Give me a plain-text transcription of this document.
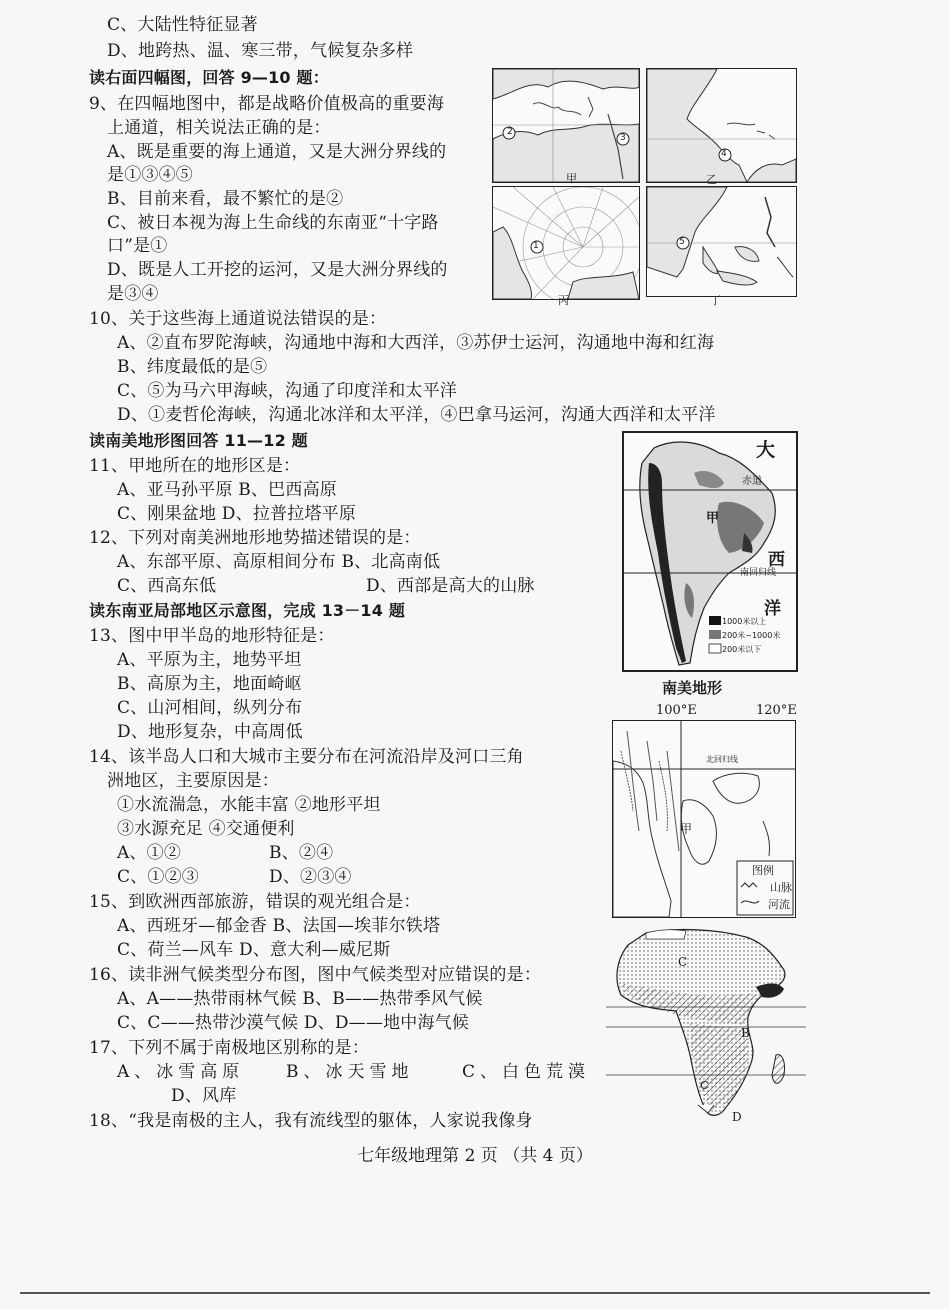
C、大陆性特征显著
D、地跨热、温、寒三带，气候复杂多样
读右面四幅图，回答 9—10 题：
9、在四幅地图中，都是战略价值极高的重要海
上通道，相关说法正确的是：
A、既是重要的海上通道，又是大洲分界线的
是①③④⑤
B、目前来看，最不繁忙的是②
C、被日本视为海上生命线的东南亚“十字路
口”是①
D、既是人工开挖的运河，又是大洲分界线的
是③④
10、关于这些海上通道说法错误的是：
A、②直布罗陀海峡，沟通地中海和大西洋，③苏伊士运河，沟通地中海和红海
B、纬度最低的是⑤
C、⑤为马六甲海峡，沟通了印度洋和太平洋
D、①麦哲伦海峡，沟通北冰洋和太平洋，④巴拿马运河，沟通大西洋和太平洋
读南美地形图回答 11—12 题
11、甲地所在的地形区是：
A、亚马孙平原 B、巴西高原
C、刚果盆地 D、拉普拉塔平原
12、下列对南美洲地形地势描述错误的是：
A、东部平原、高原相间分布 B、北高南低
C、西高东低	D、西部是高大的山脉
读东南亚局部地区示意图，完成 13－14 题
13、图中甲半岛的地形特征是：
A、平原为主，地势平坦
B、高原为主，地面崎岖
C、山河相间，纵列分布
D、地形复杂，中高周低
14、该半岛人口和大城市主要分布在河流沿岸及河口三角
洲地区，主要原因是：
①水流湍急，水能丰富 ②地形平坦
③水源充足 ④交通便利
A、①②	B、②④
C、①②③	D、②③④
15、到欧洲西部旅游，错误的观光组合是：
A、西班牙—郁金香 B、法国—埃菲尔铁塔
C、荷兰—风车 D、意大利—威尼斯
16、读非洲气候类型分布图，图中气候类型对应错误的是：
A、A——热带雨林气候 B、B——热带季风气候
C、C——热带沙漠气候 D、D——地中海气候
17、下列不属于南极地区别称的是：
A、冰雪高原 B、冰天雪地	C、白色荒漠
D、风库
18、“我是南极的主人，我有流线型的躯体，人家说我像身
2
3
甲
4
乙
1
丙
5
丁
大
赤道
甲
西
南回归线
洋
1000米以上
200米~1000米
200米以下
南美地形
100°E	120°E
北回归线
甲
图例
山脉
河流
C
B
C
D
七年级地理第 2 页 （共 4 页）
